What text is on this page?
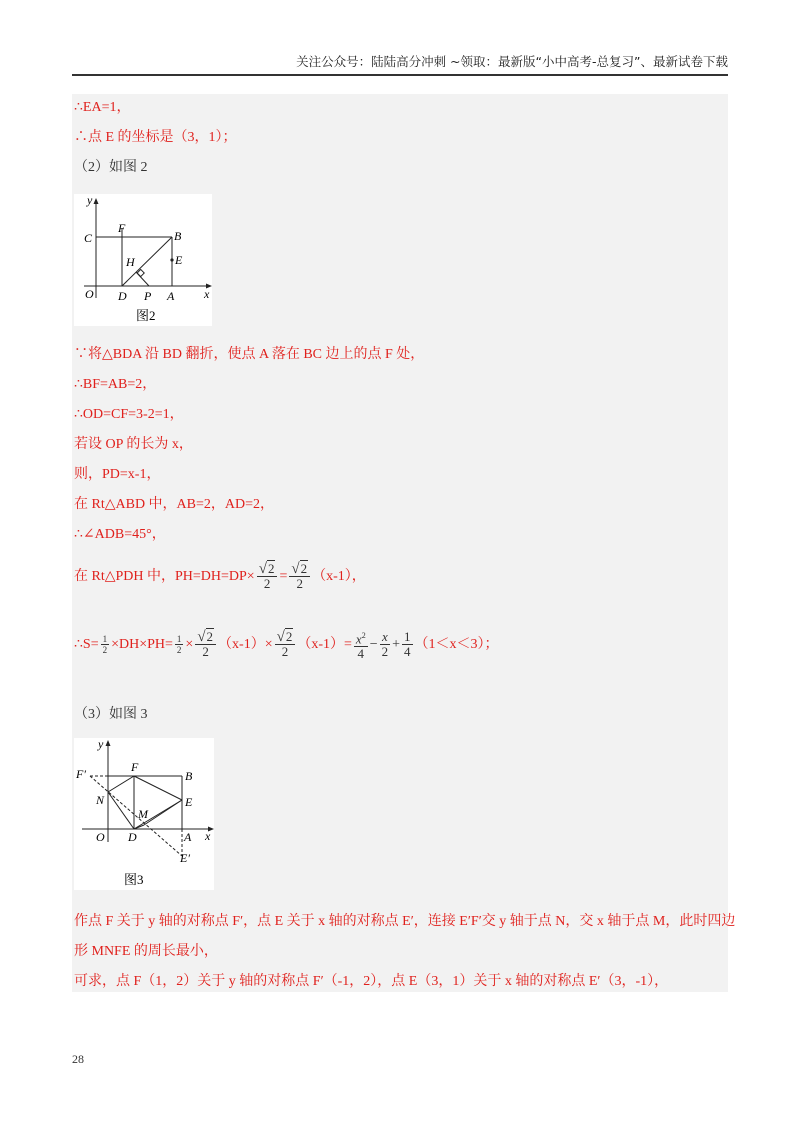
关注公众号：陆陆高分冲刺 ~领取：最新版“小中高考-总复习”、最新试卷下载
∴EA=1，
∴点 E 的坐标是（3，1）；
（2）如图 2
y
x
O
C
F
B
E
H
D P A
图2
∵将△BDA 沿 BD 翻折，使点 A 落在 BC 边上的点 F 处，
∴BF=AB=2，
∴OD=CF=3-2=1，
若设 OP 的长为 x，
则，PD=x-1，
在 Rt△ABD 中，AB=2，AD=2，
∴∠ADB=45°，
在 Rt△PDH 中，$PH=DH=DP\times \frac{√2}{2} = \frac{√2}{2} (x-1)$，
∴S= $\frac{1}{2} \times DH\times PH= \frac{1}{2} \times \frac{√2}{2} (x-1)\times \frac{√2}{2} (x-1)= \frac{x^2}{4} - \frac{x}{2} + \frac{1}{4} (1<x<3)$；
（3）如图 3
y
x
O
F′	F
B
N
M
E
D	A
E′
图3
作点 F 关于 y 轴的对称点 F′，点 E 关于 x 轴的对称点 E′，连接 E′F′交 y 轴于点 N，交 x 轴于点 M，此时四边
形 MNFE 的周长最小，
可求，点 F（1，2）关于 y 轴的对称点 F′（-1，2），点 E（3，1）关于 x 轴的对称点 E′（3，-1），
28
